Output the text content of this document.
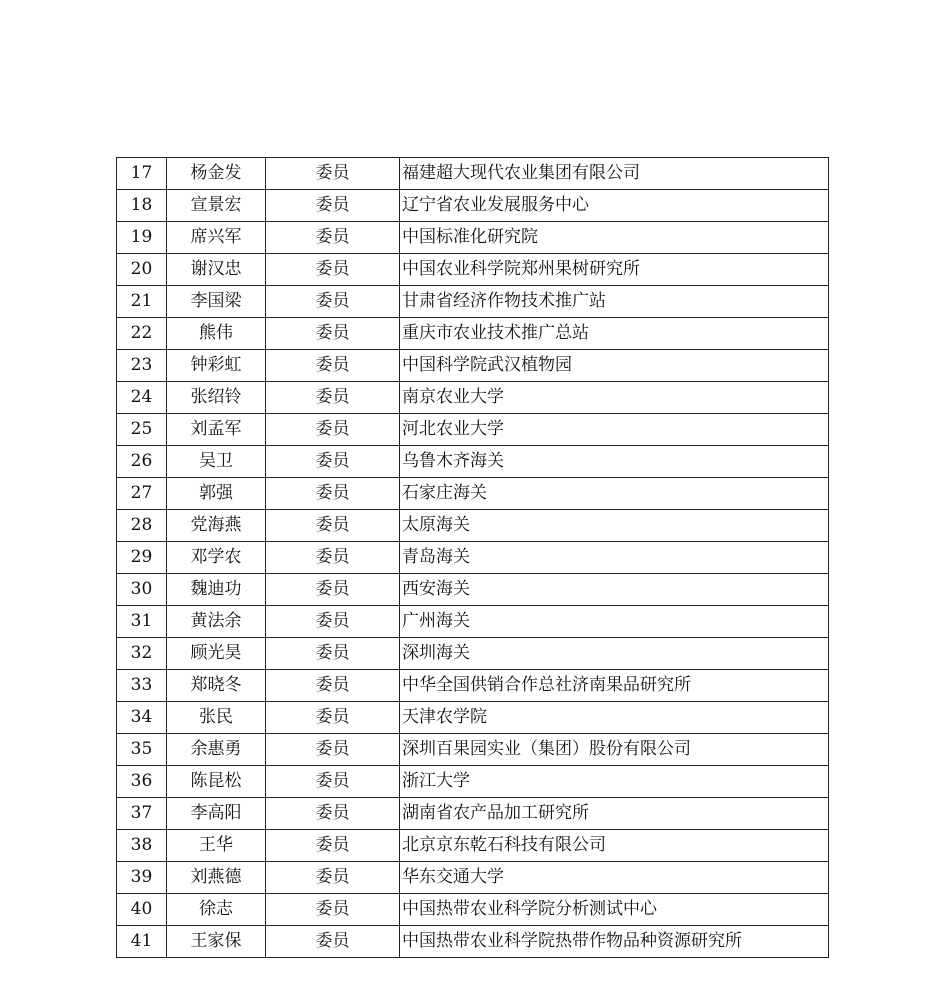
17	杨金发	委员	福建超大现代农业集团有限公司
18	宣景宏	委员	辽宁省农业发展服务中心
19	席兴军	委员	中国标准化研究院
20	谢汉忠	委员	中国农业科学院郑州果树研究所
21	李国梁	委员	甘肃省经济作物技术推广站
22	熊伟	委员	重庆市农业技术推广总站
23	钟彩虹	委员	中国科学院武汉植物园
24	张绍铃	委员	南京农业大学
25	刘孟军	委员	河北农业大学
26	吴卫	委员	乌鲁木齐海关
27	郭强	委员	石家庄海关
28	党海燕	委员	太原海关
29	邓学农	委员	青岛海关
30	魏迪功	委员	西安海关
31	黄法余	委员	广州海关
32	顾光昊	委员	深圳海关
33	郑晓冬	委员	中华全国供销合作总社济南果品研究所
34	张民	委员	天津农学院
35	余惠勇	委员	深圳百果园实业（集团）股份有限公司
36	陈昆松	委员	浙江大学
37	李高阳	委员	湖南省农产品加工研究所
38	王华	委员	北京京东乾石科技有限公司
39	刘燕德	委员	华东交通大学
40	徐志	委员	中国热带农业科学院分析测试中心
41	王家保	委员	中国热带农业科学院热带作物品种资源研究所
